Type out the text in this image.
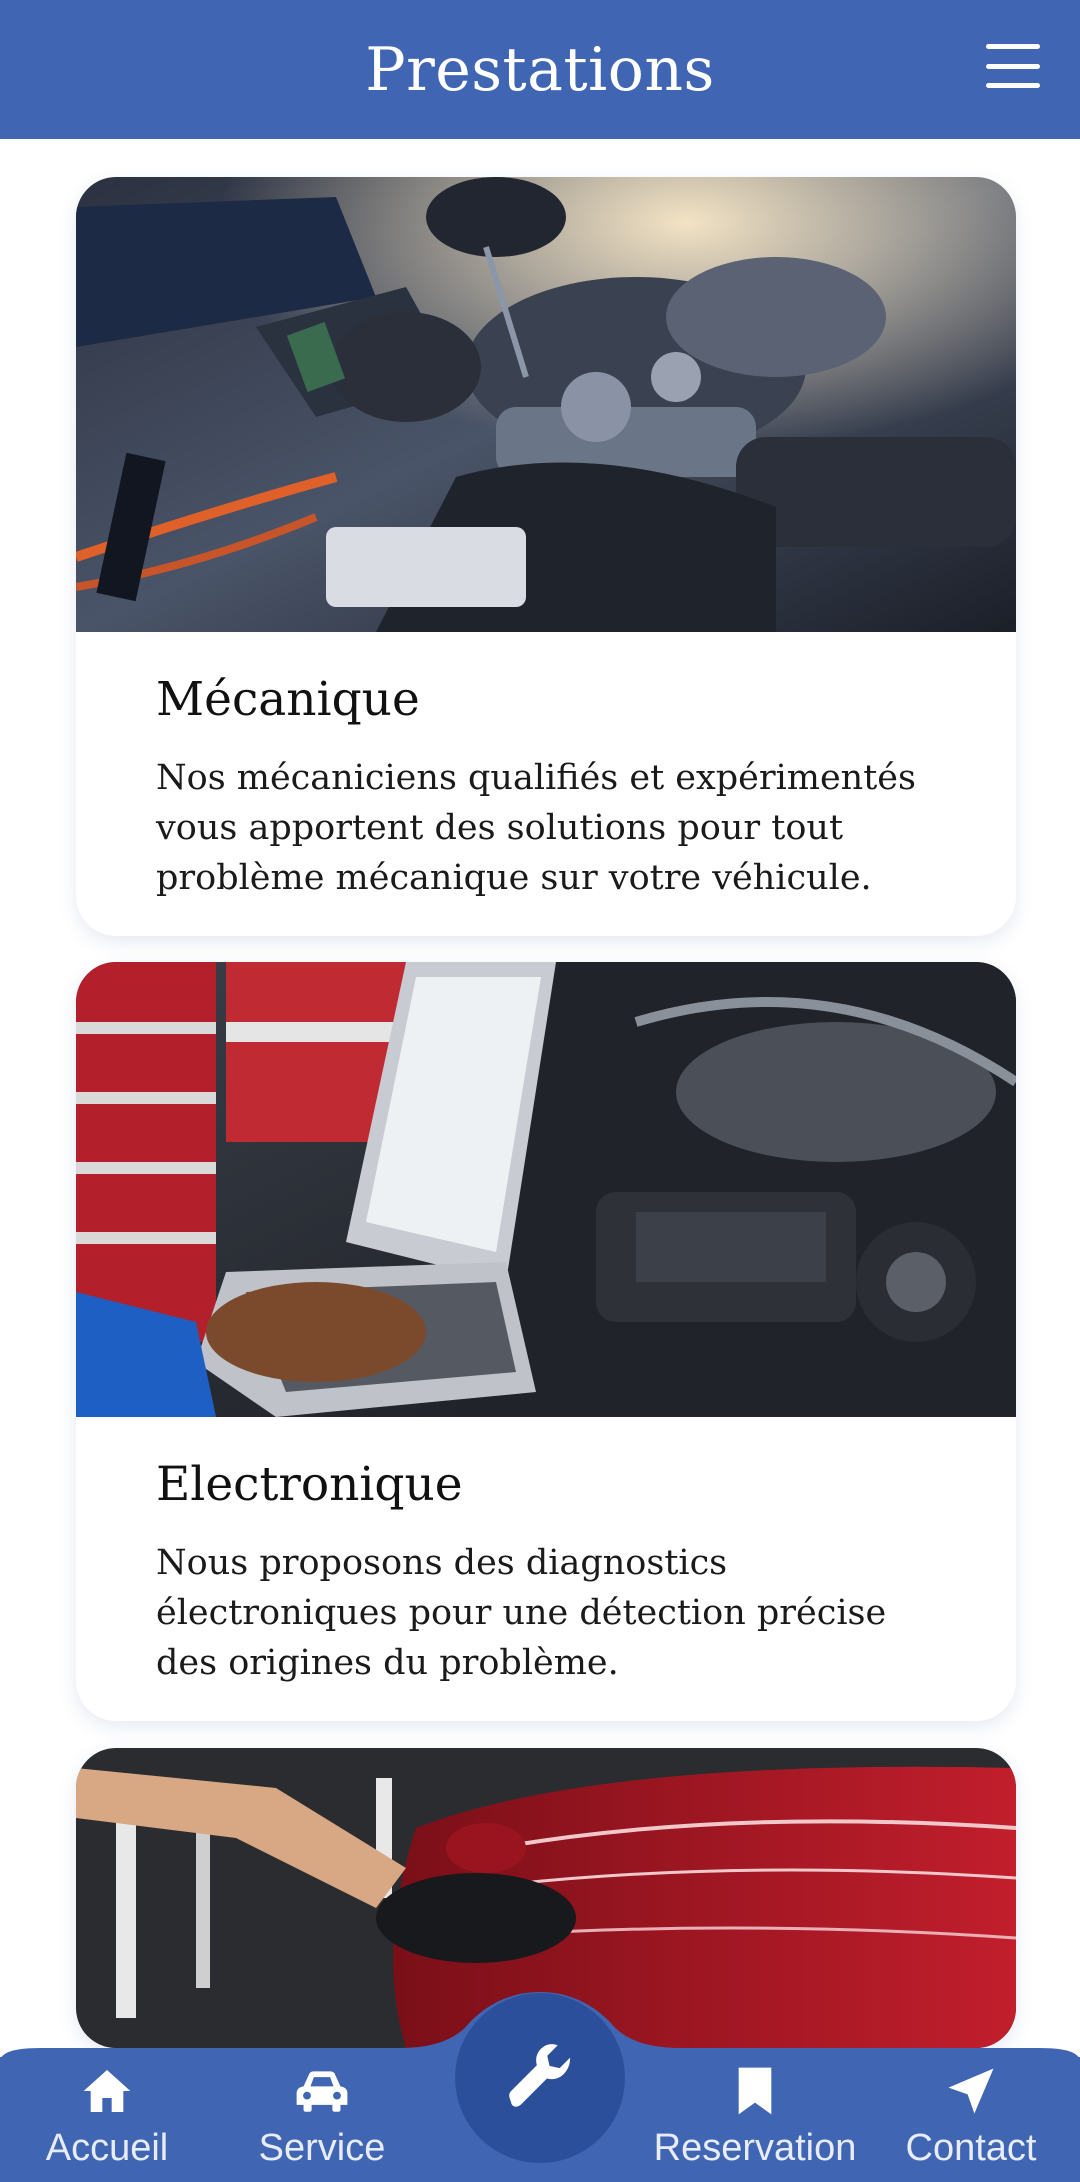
Prestations
Mécanique
Nos mécaniciens qualifiés et expérimentés vous apportent des solutions pour tout problème mécanique sur votre véhicule.
Electronique
Nous proposons des diagnostics électroniques pour une détection précise des origines du problème.
Accueil Service	Reservation Contact
